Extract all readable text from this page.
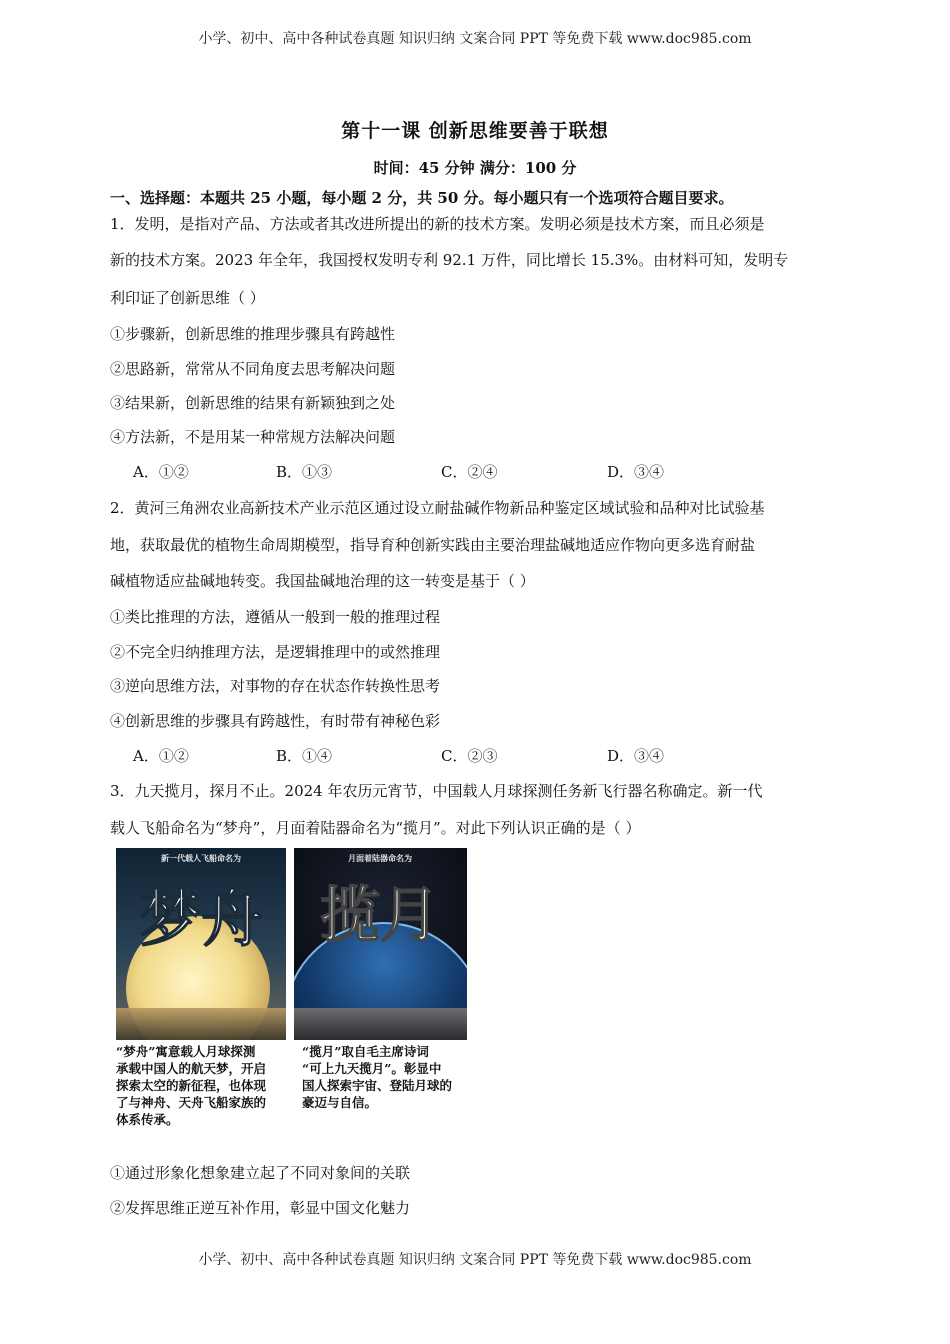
小学、初中、高中各种试卷真题 知识归纳 文案合同 PPT 等免费下载 www.doc985.com
第十一课 创新思维要善于联想
时间：45 分钟 满分：100 分
一、选择题：本题共 25 小题，每小题 2 分，共 50 分。每小题只有一个选项符合题目要求。
1．发明，是指对产品、方法或者其改进所提出的新的技术方案。发明必须是技术方案，而且必须是
新的技术方案。2023 年全年，我国授权发明专利 92.1 万件，同比增长 15.3%。由材料可知，发明专
利印证了创新思维（ ）
①步骤新，创新思维的推理步骤具有跨越性
②思路新，常常从不同角度去思考解决问题
③结果新，创新思维的结果有新颖独到之处
④方法新，不是用某一种常规方法解决问题
A．①②	B．①③	C．②④	D．③④
2．黄河三角洲农业高新技术产业示范区通过设立耐盐碱作物新品种鉴定区域试验和品种对比试验基
地，获取最优的植物生命周期模型，指导育种创新实践由主要治理盐碱地适应作物向更多选育耐盐
碱植物适应盐碱地转变。我国盐碱地治理的这一转变是基于（ ）
①类比推理的方法，遵循从一般到一般的推理过程
②不完全归纳推理方法，是逻辑推理中的或然推理
③逆向思维方法，对事物的存在状态作转换性思考
④创新思维的步骤具有跨越性，有时带有神秘色彩
A．①②	B．①④	C．②③	D．③④
3．九天揽月，探月不止。2024 年农历元宵节，中国载人月球探测任务新飞行器名称确定。新一代
载人飞船命名为“梦舟”，月面着陆器命名为“揽月”。对此下列认识正确的是（ ）
新一代载人飞船命名为
梦舟
月面着陆器命名为
揽月
“梦舟”寓意载人月球探测
承载中国人的航天梦，开启
探索太空的新征程，也体现
了与神舟、天舟飞船家族的
体系传承。
“揽月”取自毛主席诗词
“可上九天揽月”。彰显中
国人探索宇宙、登陆月球的
豪迈与自信。
①通过形象化想象建立起了不同对象间的关联
②发挥思维正逆互补作用，彰显中国文化魅力
小学、初中、高中各种试卷真题 知识归纳 文案合同 PPT 等免费下载 www.doc985.com
